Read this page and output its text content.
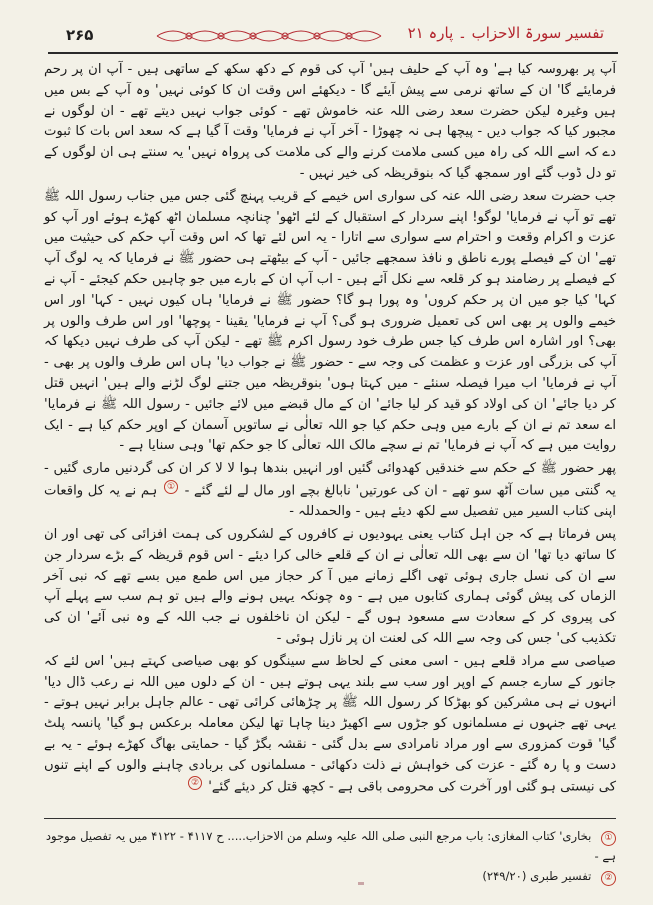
۲۶۵	تفسیر سورۃ الاحزاب ۔ پارہ ۲۱

آپ پر بھروسہ کیا ہے' وہ آپ کے حلیف ہیں' آپ کی قوم کے دکھ سکھ کے ساتھی ہیں - آپ ان پر رحم فرمایئے گا' ان کے ساتھ نرمی سے پیش آیئے گا - دیکھئے اس وقت ان کا کوئی نہیں' وہ آپ کے بس میں ہیں وغیرہ لیکن حضرت سعد رضی اللہ عنہ خاموش تھے - کوئی جواب نہیں دیتے تھے - ان لوگوں نے مجبور کیا کہ جواب دیں - پیچھا ہی نہ چھوڑا - آخر آپ نے فرمایا' وقت آ گیا ہے کہ سعد اس بات کا ثبوت دے کہ اسے اللہ کی راہ میں کسی ملامت کرنے والے کی ملامت کی پرواہ نہیں' یہ سنتے ہی ان لوگوں کے تو دل ڈوب گئے اور سمجھ گیا کہ بنوقریظہ کی خیر نہیں -

جب حضرت سعد رضی اللہ عنہ کی سواری اس خیمے کے قریب پہنچ گئی جس میں جناب رسول اللہ ﷺ تھے تو آپ نے فرمایا' لوگو! اپنے سردار کے استقبال کے لئے اٹھو' چنانچہ مسلمان اٹھ کھڑے ہوئے اور آپ کو عزت و اکرام وقعت و احترام سے سواری سے اتارا - یہ اس لئے تھا کہ اس وقت آپ حکم کی حیثیت میں تھے' ان کے فیصلے پورے ناطق و نافذ سمجھے جائیں - آپ کے بیٹھتے ہی حضور ﷺ نے فرمایا کہ یہ لوگ آپ کے فیصلے پر رضامند ہو کر قلعہ سے نکل آئے ہیں - اب آپ ان کے بارے میں جو چاہیں حکم کیجئے - آپ نے کہا' کیا جو میں ان پر حکم کروں' وہ پورا ہو گا؟ حضور ﷺ نے فرمایا' ہاں کیوں نہیں - کہا' اور اس خیمے والوں پر بھی اس کی تعمیل ضروری ہو گی؟ آپ نے فرمایا' یقینا - پوچھا' اور اس طرف والوں پر بھی؟ اور اشارہ اس طرف کیا جس طرف خود رسول اکرم ﷺ تھے - لیکن آپ کی طرف نہیں دیکھا کہ آپ کی بزرگی اور عزت و عظمت کی وجہ سے - حضور ﷺ نے جواب دیا' ہاں اس طرف والوں پر بھی - آپ نے فرمایا' اب میرا فیصلہ سنئے - میں کہتا ہوں' بنوقریظہ میں جتنے لوگ لڑنے والے ہیں' انہیں قتل کر دیا جائے' ان کی اولاد کو قید کر لیا جائے' ان کے مال قبضے میں لائے جائیں - رسول اللہ ﷺ نے فرمایا' اے سعد تم نے ان کے بارے میں وہی حکم کیا جو اللہ تعالٰی نے ساتویں آسمان کے اوپر حکم کیا ہے - ایک روایت میں ہے کہ آپ نے فرمایا' تم نے سچے مالک اللہ تعالٰی کا جو حکم تھا' وہی سنایا ہے -

پھر حضور ﷺ کے حکم سے خندقیں کھدوائی گئیں اور انہیں بندھا ہوا لا لا کر ان کی گردنیں ماری گئیں - یہ گنتی میں سات آٹھ سو تھے - ان کی عورتیں' نابالغ بچے اور مال لے لئے گئے - ① ہم نے یہ کل واقعات اپنی کتاب السیر میں تفصیل سے لکھ دیئے ہیں - والحمدللہ -

پس فرماتا ہے کہ جن اہل کتاب یعنی یہودیوں نے کافروں کے لشکروں کی ہمت افزائی کی تھی اور ان کا ساتھ دیا تھا' ان سے بھی اللہ تعالٰی نے ان کے قلعے خالی کرا دیئے - اس قوم قریظہ کے بڑے سردار جن سے ان کی نسل جاری ہوئی تھی اگلے زمانے میں آ کر حجاز میں اس طمع میں بسے تھے کہ نبی آخر الزماں کی پیش گوئی ہماری کتابوں میں ہے - وہ چونکہ یہیں ہونے والے ہیں تو ہم سب سے پہلے آپ کی پیروی کر کے سعادت سے مسعود ہوں گے - لیکن ان ناخلفوں نے جب اللہ کے وہ نبی آئے' ان کی تکذیب کی' جس کی وجہ سے اللہ کی لعنت ان پر نازل ہوئی -

صیاصی سے مراد قلعے ہیں - اسی معنی کے لحاظ سے سینگوں کو بھی صیاصی کہتے ہیں' اس لئے کہ جانور کے سارے جسم کے اوپر اور سب سے بلند یہی ہوتے ہیں - ان کے دلوں میں اللہ نے رعب ڈال دیا' انہوں نے ہی مشرکین کو بھڑکا کر رسول اللہ ﷺ پر چڑھائی کرائی تھی - عالم جاہل برابر نہیں ہوتے - یہی تھے جنہوں نے مسلمانوں کو جڑوں سے اکھیڑ دینا چاہا تھا لیکن معاملہ برعکس ہو گیا' پانسہ پلٹ گیا' قوت کمزوری سے اور مراد نامرادی سے بدل گئی - نقشہ بگڑ گیا - حمایتی بھاگ کھڑے ہوئے - یہ بے دست و پا رہ گئے - عزت کی خواہش نے ذلت دکھائی - مسلمانوں کی بربادی چاہنے والوں کے اپنے تنوں کی نیستی ہو گئی اور آخرت کی محرومی باقی ہے - کچھ قتل کر دیئے گئے' ②

① بخاری' کتاب المغازی: باب مرجع النبی صلی اللہ علیہ وسلم من الاحزاب..... ح ۴۱۱۷ - ۴۱۲۲ میں یہ تفصیل موجود ہے -

② تفسیر طبری (۲۴۹/۲۰)
